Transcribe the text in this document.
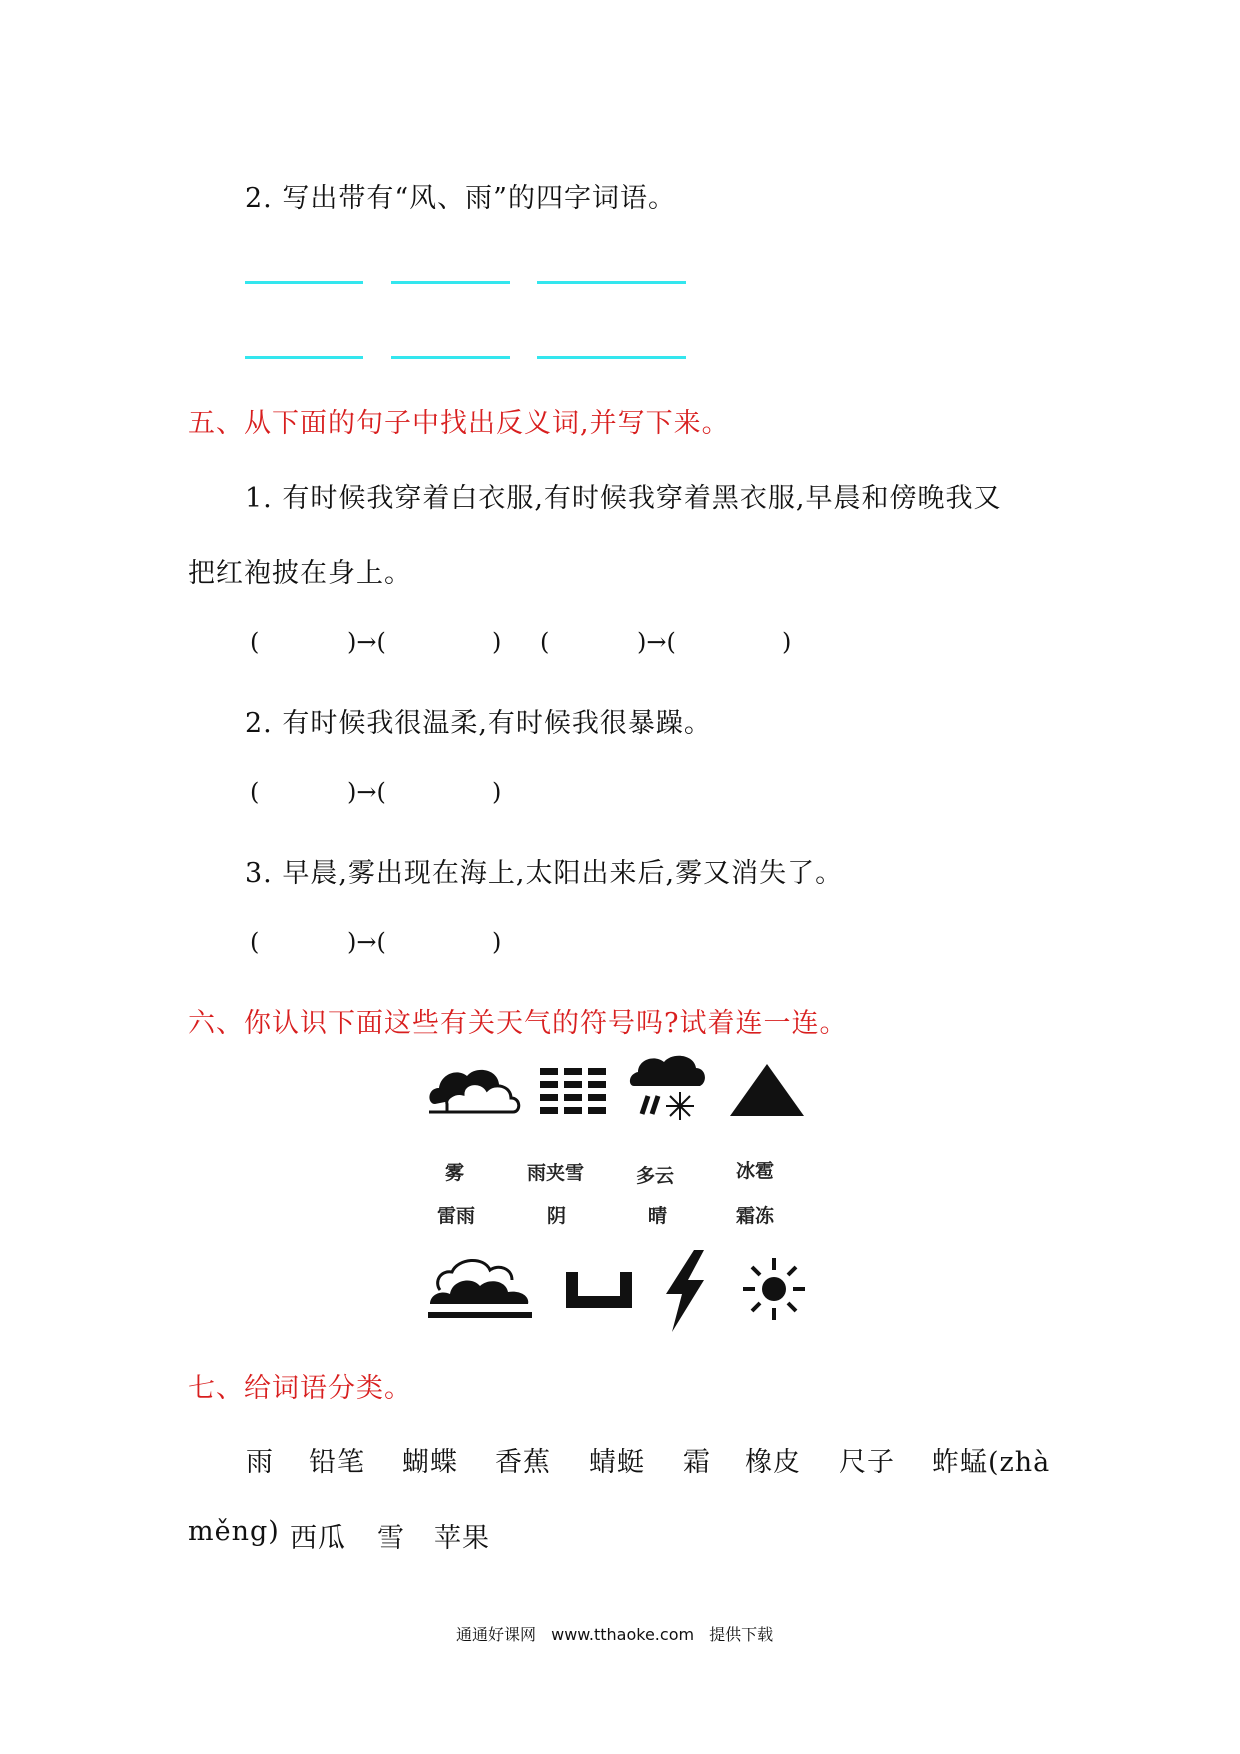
2. 写出带有“风、雨”的四字词语。
五、从下面的句子中找出反义词,并写下来。
1. 有时候我穿着白衣服,有时候我穿着黑衣服,早晨和傍晚我又
把红袍披在身上。
(	)→(	) (	)→(	)
2. 有时候我很温柔,有时候我很暴躁。
(	)→(	)
3. 早晨,雾出现在海上,太阳出来后,雾又消失了。
(	)→(	)
六、你认识下面这些有关天气的符号吗?试着连一连。
雾	雨夹雪	多云	冰雹
雷雨	阴	晴	霜冻
七、给词语分类。
雨 铅笔 蝴蝶 香蕉 蜻蜓 霜 橡皮 尺子 蚱蜢(zhà
měng) 西瓜 雪 苹果
通通好课网 www.tthaoke.com 提供下载
